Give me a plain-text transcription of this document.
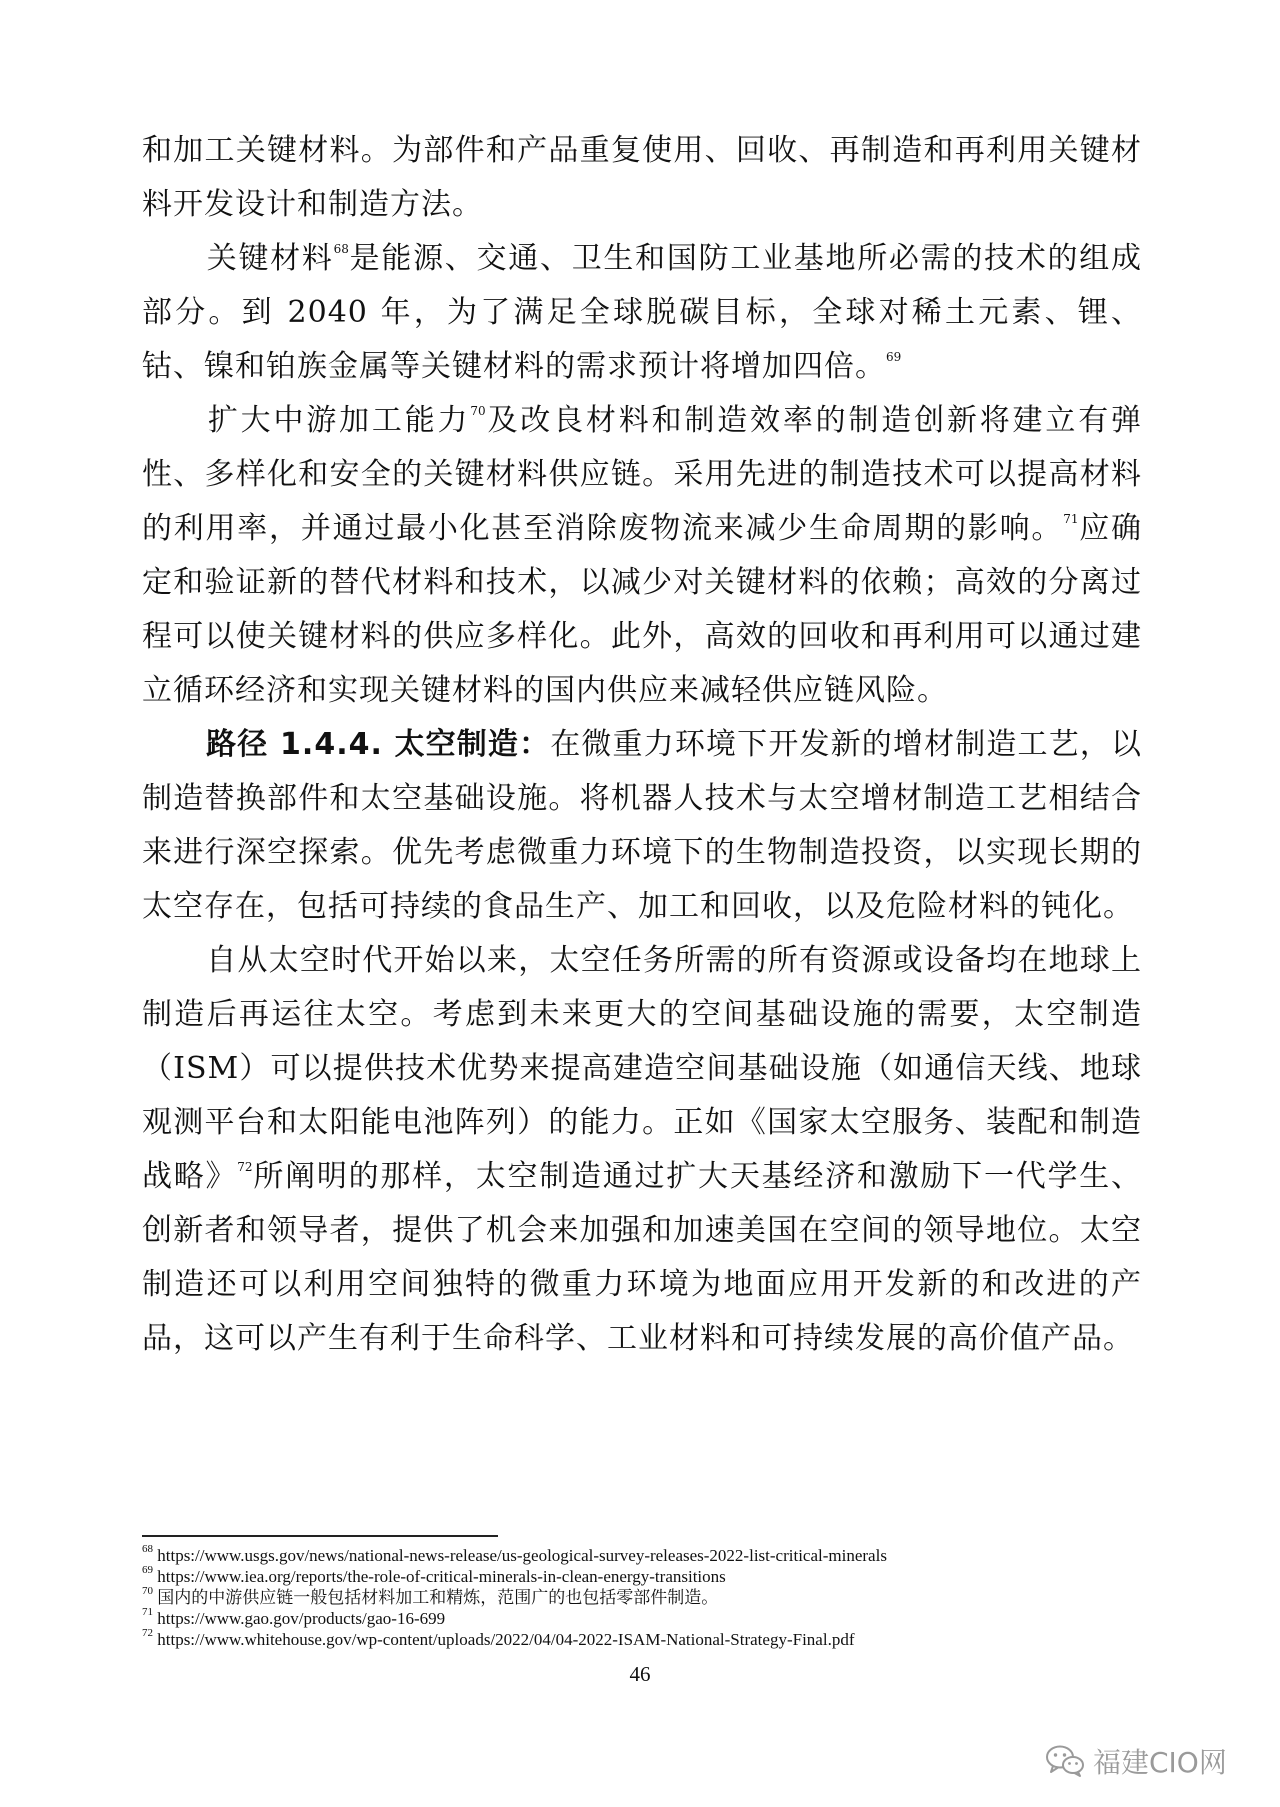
和加工关键材料。为部件和产品重复使用、回收、再制造和再利用关键材料开发设计和制造方法。

关键材料$^{68}$是能源、交通、卫生和国防工业基地所必需的技术的组成部分。到 2040 年，为了满足全球脱碳目标，全球对稀土元素、锂、钴、镍和铂族金属等关键材料的需求预计将增加四倍。$^{69}$

扩大中游加工能力$^{70}$及改良材料和制造效率的制造创新将建立有弹性、多样化和安全的关键材料供应链。采用先进的制造技术可以提高材料的利用率，并通过最小化甚至消除废物流来减少生命周期的影响。$^{71}$应确定和验证新的替代材料和技术，以减少对关键材料的依赖；高效的分离过程可以使关键材料的供应多样化。此外，高效的回收和再利用可以通过建立循环经济和实现关键材料的国内供应来减轻供应链风险。

路径 1.4.4. 太空制造：在微重力环境下开发新的增材制造工艺，以制造替换部件和太空基础设施。将机器人技术与太空增材制造工艺相结合来进行深空探索。优先考虑微重力环境下的生物制造投资，以实现长期的太空存在，包括可持续的食品生产、加工和回收，以及危险材料的钝化。

自从太空时代开始以来，太空任务所需的所有资源或设备均在地球上制造后再运往太空。考虑到未来更大的空间基础设施的需要，太空制造（ISM）可以提供技术优势来提高建造空间基础设施（如通信天线、地球观测平台和太阳能电池阵列）的能力。正如《国家太空服务、装配和制造战略》$^{72}$所阐明的那样，太空制造通过扩大天基经济和激励下一代学生、创新者和领导者，提供了机会来加强和加速美国在空间的领导地位。太空制造还可以利用空间独特的微重力环境为地面应用开发新的和改进的产品，这可以产生有利于生命科学、工业材料和可持续发展的高价值产品。

$^{68}$ https://www.usgs.gov/news/national-news-release/us-geological-survey-releases-2022-list-critical-minerals
$^{69}$ https://www.iea.org/reports/the-role-of-critical-minerals-in-clean-energy-transitions
$^{70}$ 国内的中游供应链一般包括材料加工和精炼，范围广的也包括零部件制造。
$^{71}$ https://www.gao.gov/products/gao-16-699
$^{72}$ https://www.whitehouse.gov/wp-content/uploads/2022/04/04-2022-ISAM-National-Strategy-Final.pdf
46
福建CIO网
